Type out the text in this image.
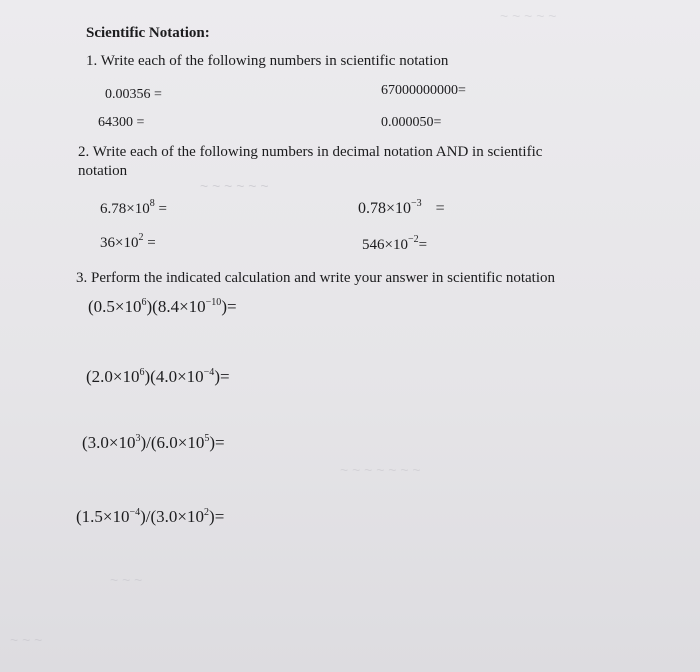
~ ~ ~ ~ ~
~ ~ ~ ~ ~ ~
~ ~ ~ ~ ~ ~ ~
~ ~ ~
~ ~ ~
Scientific Notation:
1. Write each of the following numbers in scientific notation
0.00356 =	67000000000=
64300 =	0.000050=
2. Write each of the following numbers in decimal notation AND in scientific
notation
$6.78\times 10^8$ =	$0.78\times 10^{-3}$ =
$36\times 10^2$ =	$546\times 10^{-2}=$
3. Perform the indicated calculation and write your answer in scientific notation
$(0.5\times 10^6)(8.4\times 10^{-10})=$
$(2.0\times 10^6)(4.0\times 10^{-4})=$
$(3.0\times 10^3)/(6.0\times 10^5)=$
$(1.5\times 10^{-4})/(3.0\times 10^2)=$
